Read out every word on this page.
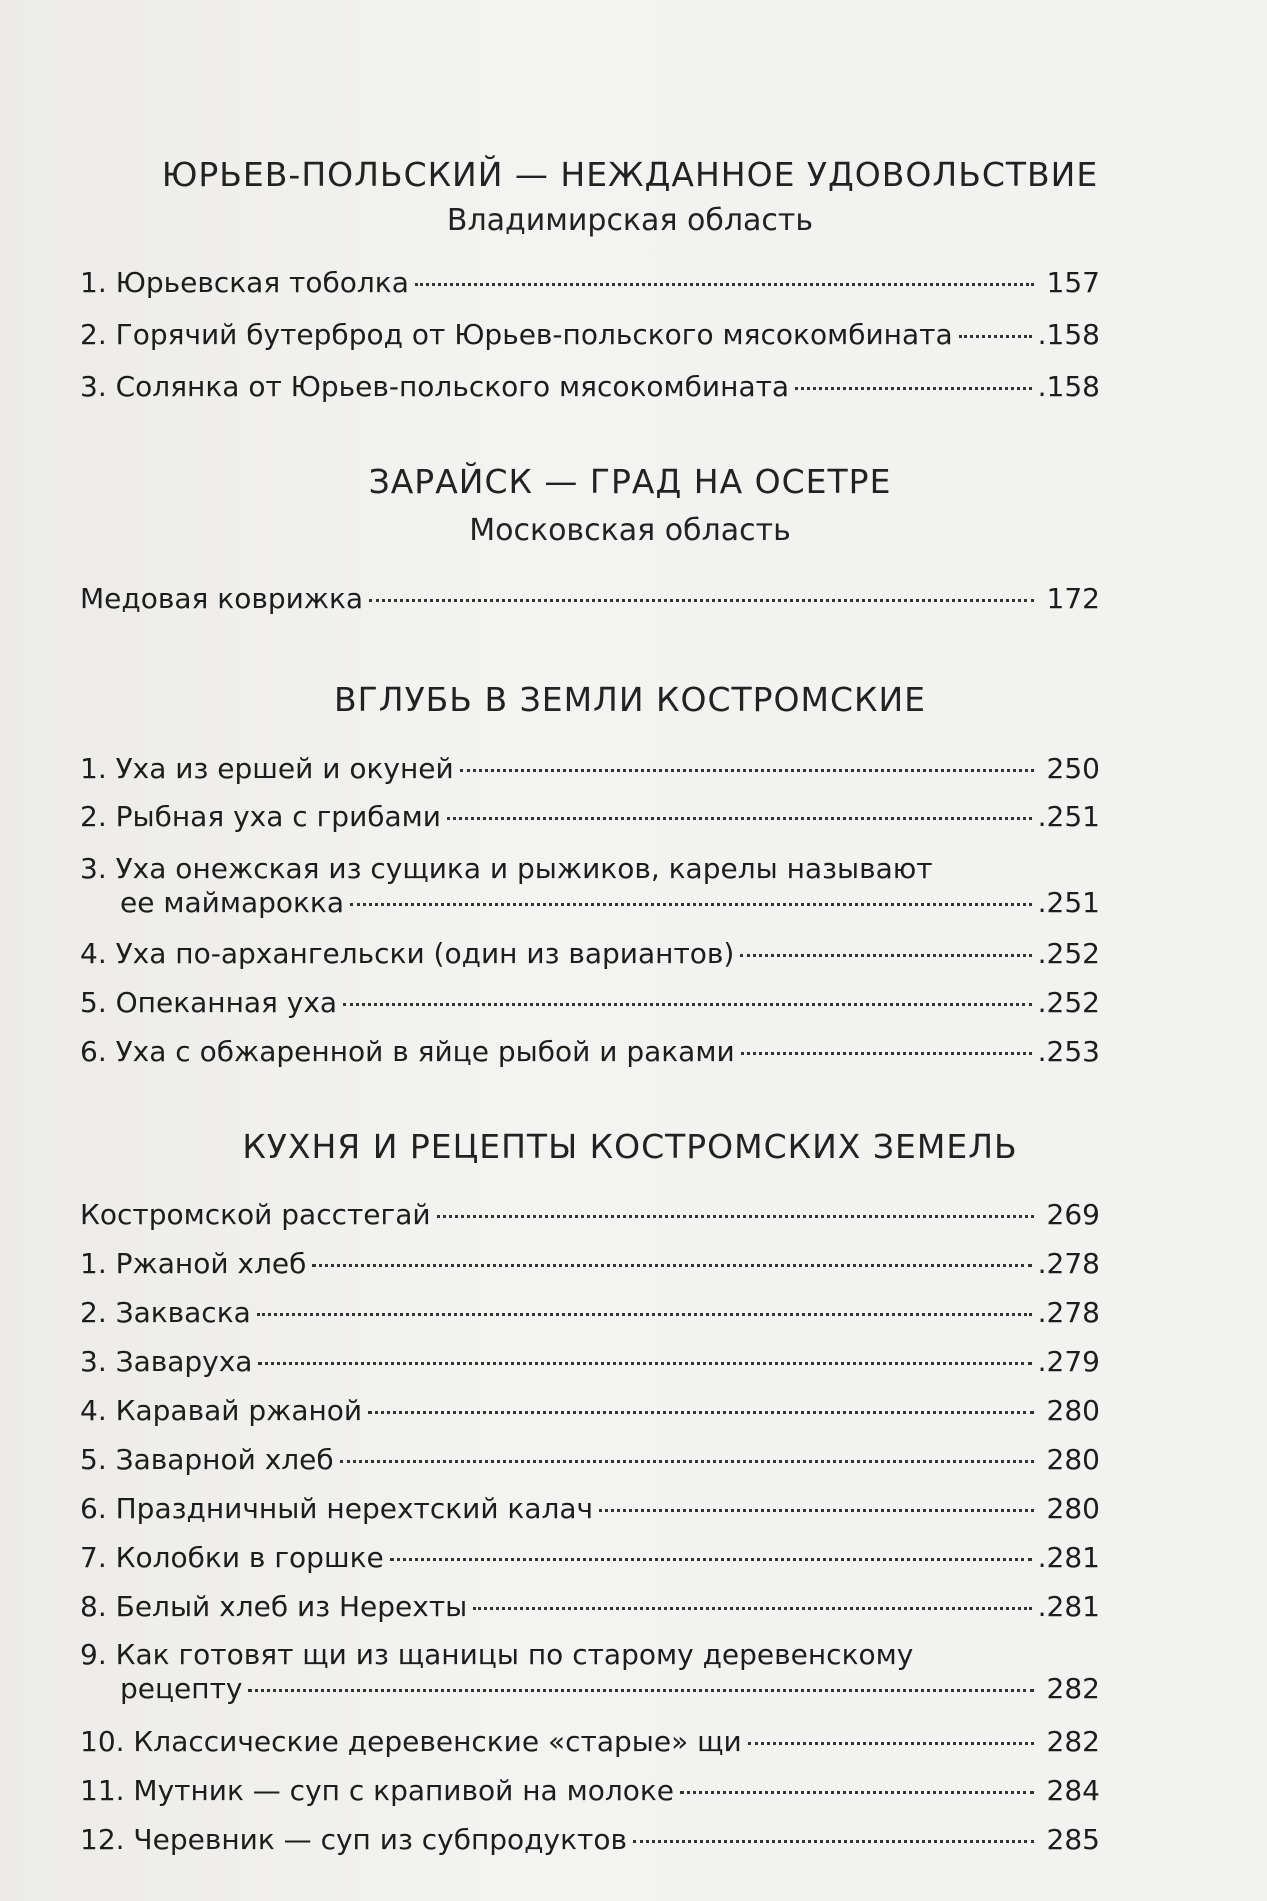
ЮРЬЕВ-ПОЛЬСКИЙ — НЕЖДАННОЕ УДОВОЛЬСТВИЕ
Владимирская область
1. Юрьевская тоболка	157
2. Горячий бутерброд от Юрьев-польского мясокомбината	.158
3. Солянка от Юрьев-польского мясокомбината	.158
ЗАРАЙСК — ГРАД НА ОСЕТРЕ
Московская область
Медовая коврижка	172
ВГЛУБЬ В ЗЕМЛИ КОСТРОМСКИЕ
1. Уха из ершей и окуней	250
2. Рыбная уха с грибами	.251
3. Уха онежская из сущика и рыжиков, карелы называют
ее маймарокка	.251
4. Уха по-архангельски (один из вариантов)	.252
5. Опеканная уха	.252
6. Уха с обжаренной в яйце рыбой и раками	.253
КУХНЯ И РЕЦЕПТЫ КОСТРОМСКИХ ЗЕМЕЛЬ
Костромской расстегай	269
1. Ржаной хлеб	.278
2. Закваска	.278
3. Заваруха	.279
4. Каравай ржаной	280
5. Заварной хлеб	280
6. Праздничный нерехтский калач	280
7. Колобки в горшке	.281
8. Белый хлеб из Нерехты	.281
9. Как готовят щи из щаницы по старому деревенскому
рецепту	282
10. Классические деревенские «старые» щи	282
11. Мутник — суп с крапивой на молоке	284
12. Черевник — суп из субпродуктов	285
